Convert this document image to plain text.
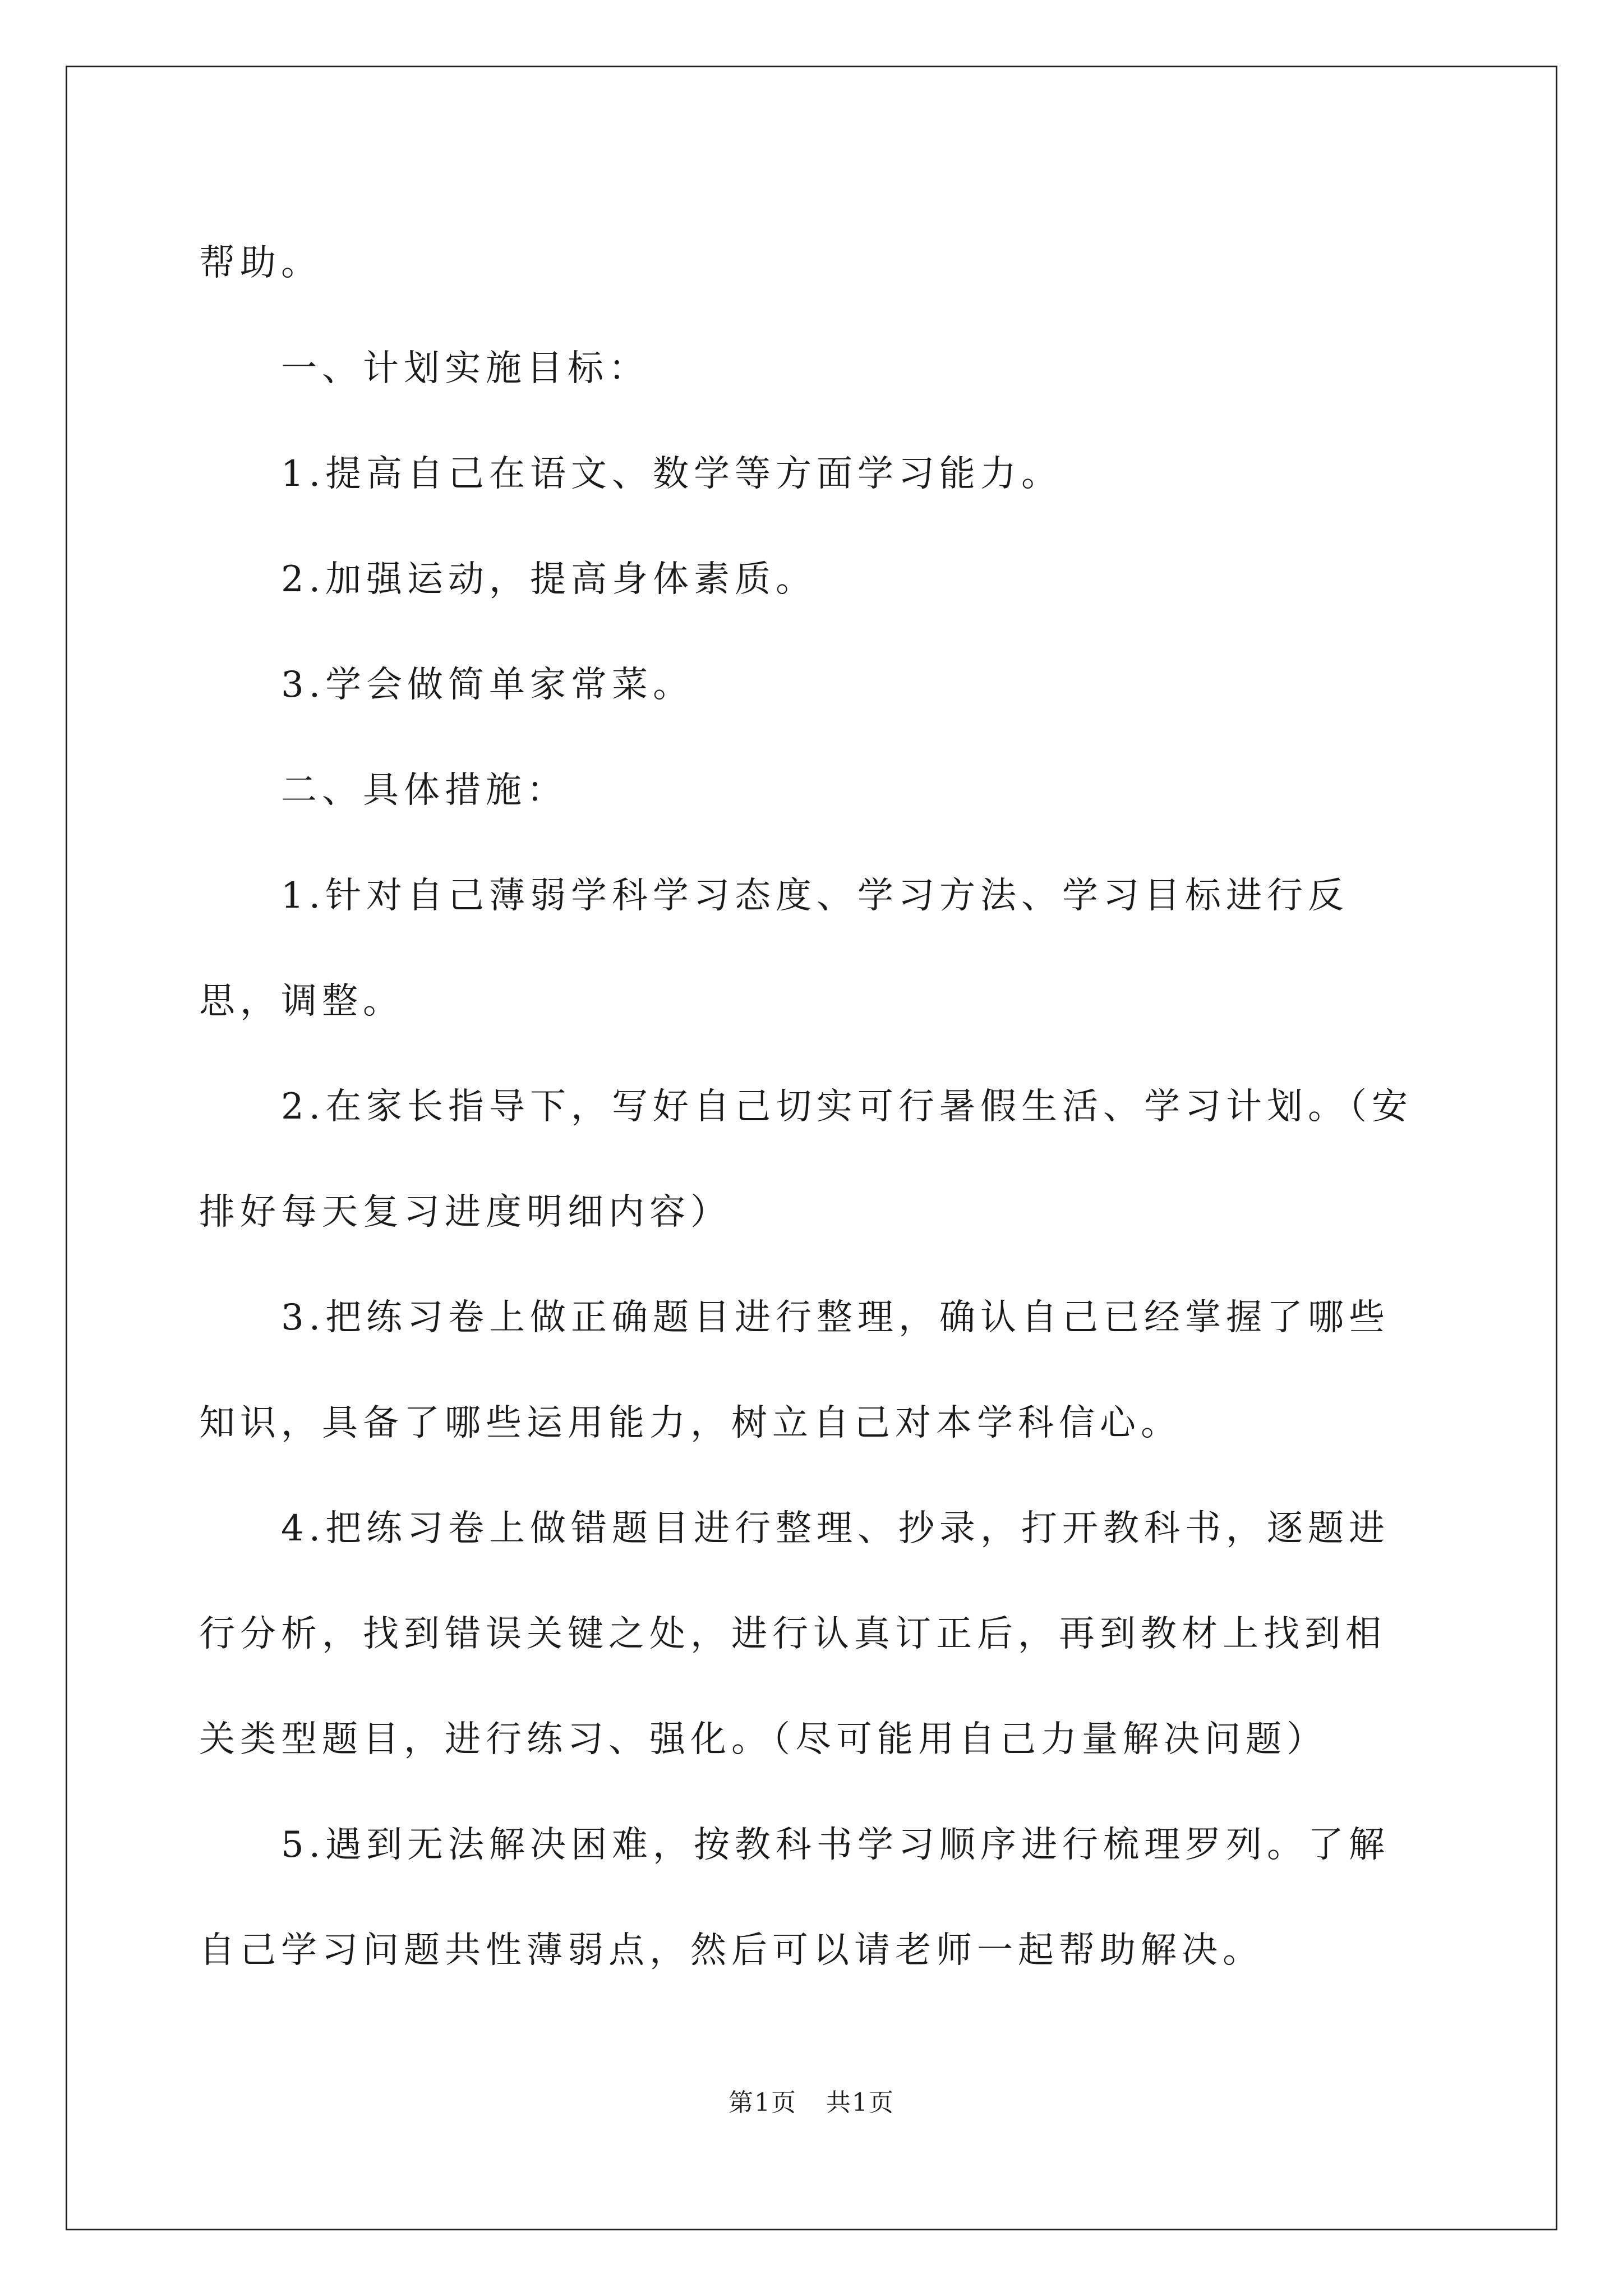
帮助。

一、计划实施目标：

1.提高自己在语文、数学等方面学习能力。

2.加强运动，提高身体素质。

3.学会做简单家常菜。

二、具体措施：

1.针对自己薄弱学科学习态度、学习方法、学习目标进行反思，调整。

2.在家长指导下，写好自己切实可行暑假生活、学习计划。（安排好每天复习进度明细内容）

3.把练习卷上做正确题目进行整理，确认自己已经掌握了哪些知识，具备了哪些运用能力，树立自己对本学科信心。

4.把练习卷上做错题目进行整理、抄录，打开教科书，逐题进行分析，找到错误关键之处，进行认真订正后，再到教材上找到相关类型题目，进行练习、强化。（尽可能用自己力量解决问题）

5.遇到无法解决困难，按教科书学习顺序进行梳理罗列。了解自己学习问题共性薄弱点，然后可以请老师一起帮助解决。

第1页 共1页
